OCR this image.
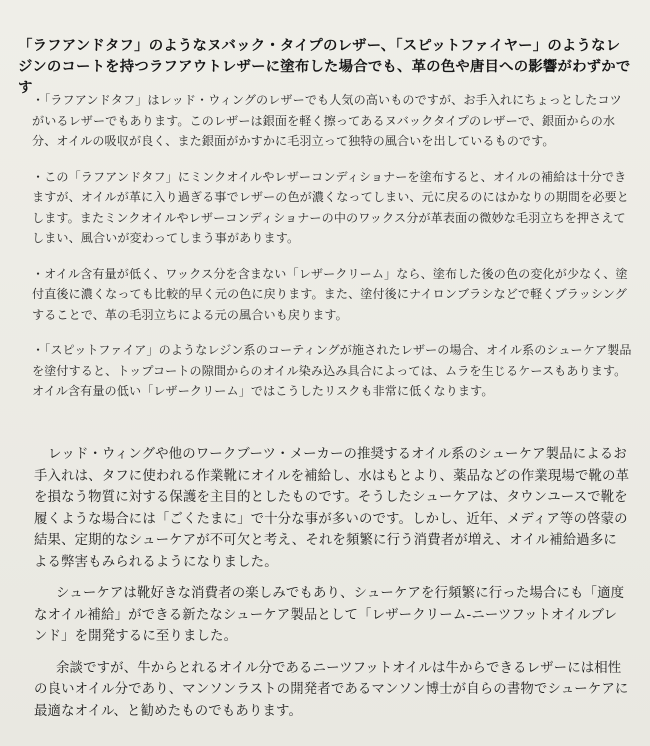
「ラフアンドタフ」のようなヌバック・タイプのレザー、「スピットファイヤー」のようなレジンのコートを持つラフアウトレザーに塗布した場合でも、革の色や唐目への影響がわずかです
・「ラフアンドタフ」はレッド・ウィングのレザーでも人気の高いものですが、お手入れにちょっとしたコツがいるレザーでもあります。このレザーは銀面を軽く擦ってあるヌバックタイプのレザーで、銀面からの水分、オイルの吸収が良く、また銀面がかすかに毛羽立って独特の風合いを出しているものです。
・この「ラフアンドタフ」にミンクオイルやレザーコンディショナーを塗布すると、オイルの補給は十分できますが、オイルが革に入り過ぎる事でレザーの色が濃くなってしまい、元に戻るのにはかなりの期間を必要とします。またミンクオイルやレザーコンディショナーの中のワックス分が革表面の微妙な毛羽立ちを押さえてしまい、風合いが変わってしまう事があります。
・オイル含有量が低く、ワックス分を含まない「レザークリーム」なら、塗布した後の色の変化が少なく、塗付直後に濃くなっても比較的早く元の色に戻ります。また、塗付後にナイロンブラシなどで軽くブラッシングすることで、革の毛羽立ちによる元の風合いも戻ります。
・「スピットファイア」のようなレジン系のコーティングが施されたレザーの場合、オイル系のシューケア製品を塗付すると、トップコートの隙間からのオイル染み込み具合によっては、ムラを生じるケースもあります。オイル含有量の低い「レザークリーム」ではこうしたリスクも非常に低くなります。

レッド・ウィングや他のワークブーツ・メーカーの推奨するオイル系のシューケア製品によるお手入れは、タフに使われる作業靴にオイルを補給し、水はもとより、薬品などの作業現場で靴の革を損なう物質に対する保護を主目的としたものです。そうしたシューケアは、タウンユースで靴を履くような場合には「ごくたまに」で十分な事が多いのです。しかし、近年、メディア等の啓蒙の結果、定期的なシューケアが不可欠と考え、それを頻繁に行う消費者が増え、オイル補給過多による弊害もみられるようになりました。

シューケアは靴好きな消費者の楽しみでもあり、シューケアを行頻繁に行った場合にも「適度なオイル補給」ができる新たなシューケア製品として「レザークリーム-ニーツフットオイルブレンド」を開発するに至りました。

余談ですが、牛からとれるオイル分であるニーツフットオイルは牛からできるレザーには相性の良いオイル分であり、マンソンラストの開発者であるマンソン博士が自らの書物でシューケアに最適なオイル、と勧めたものでもあります。
